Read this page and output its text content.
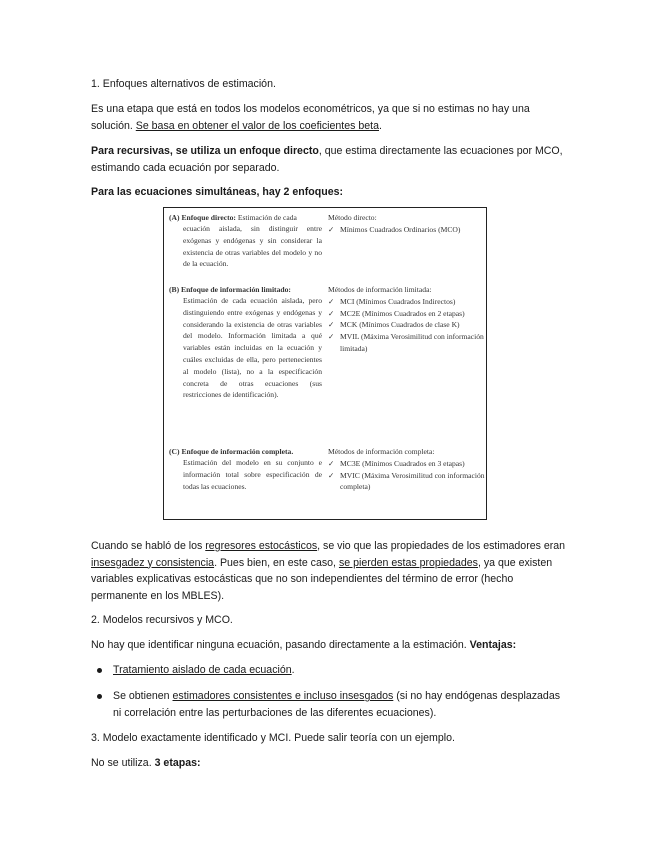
1. Enfoques alternativos de estimación.

Es una etapa que está en todos los modelos econométricos, ya que si no estimas no hay una solución. Se basa en obtener el valor de los coeficientes beta.

Para recursivas, se utiliza un enfoque directo, que estima directamente las ecuaciones por MCO, estimando cada ecuación por separado.

Para las ecuaciones simultáneas, hay 2 enfoques:

(A) Enfoque directo: Estimación de cada
ecuación aislada, sin distinguir entre exógenas y endógenas y sin considerar la existencia de otras variables del modelo y no de la ecuación.
Método directo:
✓ Mínimos Cuadrados Ordinarios (MCO)
(B) Enfoque de información limitado:
Estimación de cada ecuación aislada, pero distinguiendo entre exógenas y endógenas y considerando la existencia de otras variables del modelo. Información limitada a qué variables están incluidas en la ecuación y cuáles excluidas de ella, pero pertenecientes al modelo (lista), no a la especificación concreta de otras ecuaciones (sus restricciones de identificación).
Métodos de información limitada:
✓ MCI (Mínimos Cuadrados Indirectos)
✓ MC2E (Mínimos Cuadrados en 2 etapas)
✓ MCK (Mínimos Cuadrados de clase K)
✓ MVIL (Máxima Verosimilitud con información limitada)
(C) Enfoque de información completa.
Estimación del modelo en su conjunto e información total sobre especificación de todas las ecuaciones.
Métodos de información completa:
✓ MC3E (Mínimos Cuadrados en 3 etapas)
✓ MVIC (Máxima Verosimilitud con información completa)

Cuando se habló de los regresores estocásticos, se vio que las propiedades de los estimadores eran insesgadez y consistencia. Pues bien, en este caso, se pierden estas propiedades, ya que existen variables explicativas estocásticas que no son independientes del término de error (hecho permanente en los MBLES).

2. Modelos recursivos y MCO.

No hay que identificar ninguna ecuación, pasando directamente a la estimación. Ventajas:

Tratamiento aislado de cada ecuación.
Se obtienen estimadores consistentes e incluso insesgados (si no hay endógenas desplazadas ni correlación entre las perturbaciones de las diferentes ecuaciones).

3. Modelo exactamente identificado y MCI. Puede salir teoría con un ejemplo.

No se utiliza. 3 etapas:
